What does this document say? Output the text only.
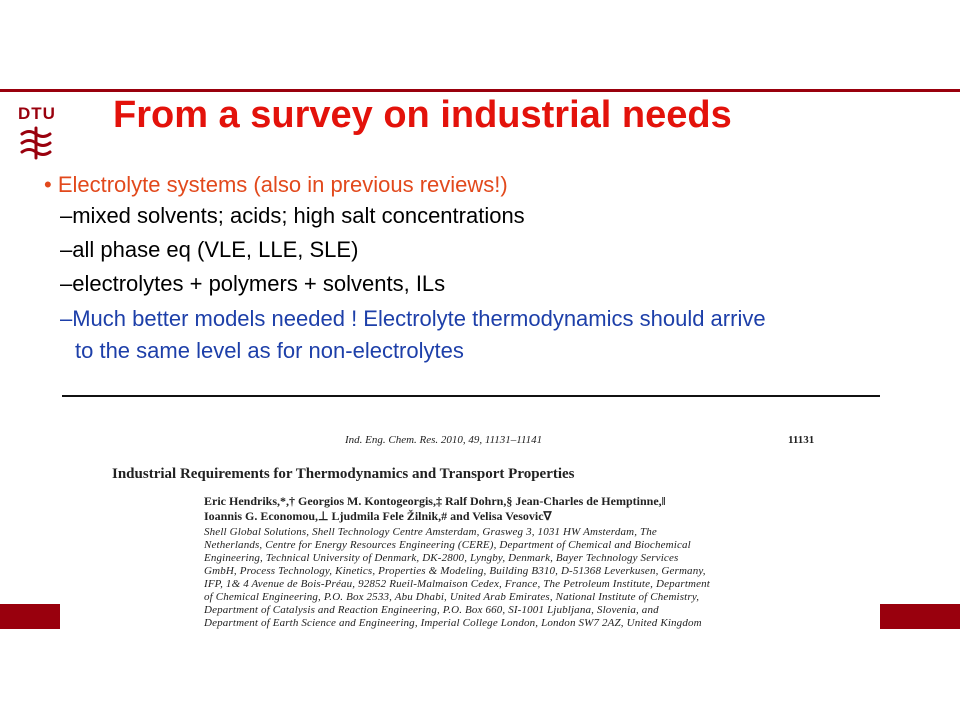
DTU From a survey on industrial needs
• Electrolyte systems (also in previous reviews!)
–mixed solvents; acids; high salt concentrations
–all phase eq (VLE, LLE, SLE)
–electrolytes + polymers + solvents, ILs
–Much better models needed ! Electrolyte thermodynamics should arrive
to the same level as for non-electrolytes
Ind. Eng. Chem. Res. 2010, 49, 11131–11141	11131
Industrial Requirements for Thermodynamics and Transport Properties
Eric Hendriks,*,† Georgios M. Kontogeorgis,‡ Ralf Dohrn,§ Jean-Charles de Hemptinne,‖
Ioannis G. Economou,⊥ Ljudmila Fele Žilnik,# and Velisa Vesovic∇
Shell Global Solutions, Shell Technology Centre Amsterdam, Grasweg 3, 1031 HW Amsterdam, The
Netherlands, Centre for Energy Resources Engineering (CERE), Department of Chemical and Biochemical
Engineering, Technical University of Denmark, DK-2800, Lyngby, Denmark, Bayer Technology Services
GmbH, Process Technology, Kinetics, Properties & Modeling, Building B310, D-51368 Leverkusen, Germany,
IFP, 1& 4 Avenue de Bois-Préau, 92852 Rueil-Malmaison Cedex, France, The Petroleum Institute, Department
of Chemical Engineering, P.O. Box 2533, Abu Dhabi, United Arab Emirates, National Institute of Chemistry,
Department of Catalysis and Reaction Engineering, P.O. Box 660, SI-1001 Ljubljana, Slovenia, and
Department of Earth Science and Engineering, Imperial College London, London SW7 2AZ, United Kingdom
